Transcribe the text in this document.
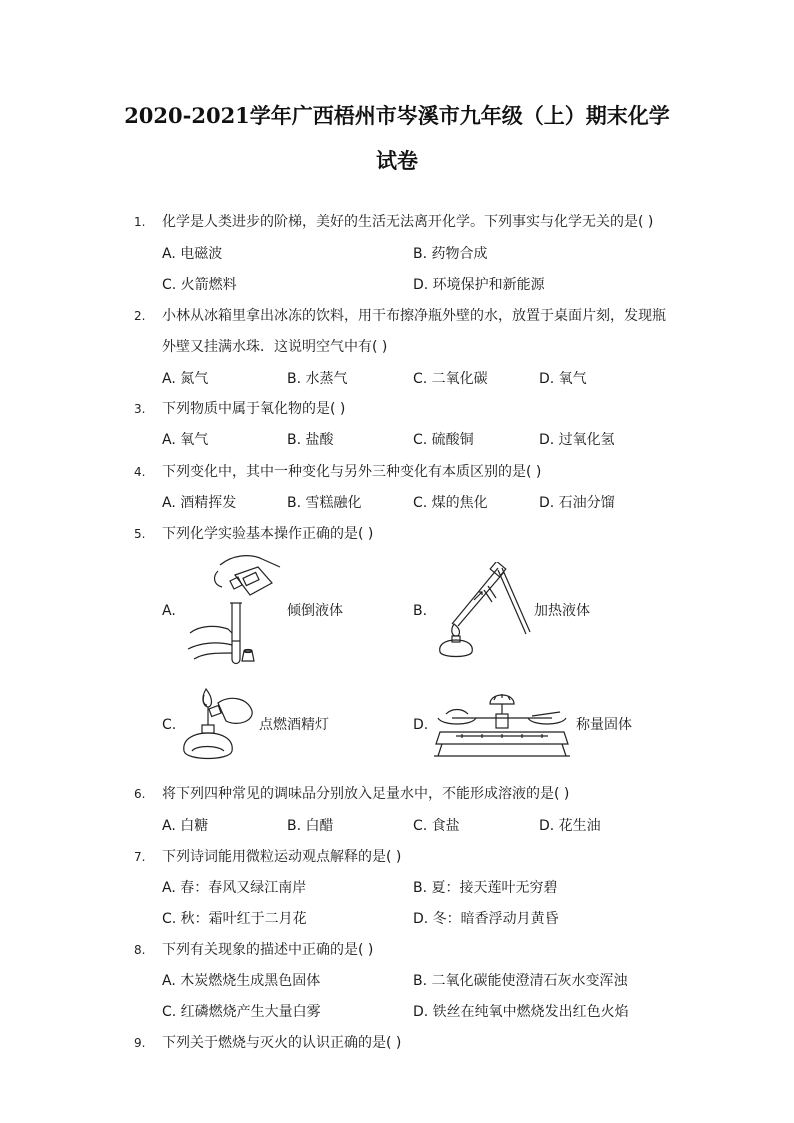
2020-2021学年广西梧州市岑溪市九年级（上）期末化学
试卷
1. 化学是人类进步的阶梯，美好的生活无法离开化学。下列事实与化学无关的是( )
A. 电磁波	B. 药物合成
C. 火箭燃料	D. 环境保护和新能源
2. 小林从冰箱里拿出冰冻的饮料，用干布擦净瓶外壁的水，放置于桌面片刻，发现瓶
外壁又挂满水珠．这说明空气中有( )
A. 氮气	B. 水蒸气	C. 二氧化碳	D. 氧气
3. 下列物质中属于氧化物的是( )
A. 氧气	B. 盐酸	C. 硫酸铜	D. 过氧化氢
4. 下列变化中，其中一种变化与另外三种变化有本质区别的是( )
A. 酒精挥发	B. 雪糕融化	C. 煤的焦化	D. 石油分馏
5. 下列化学实验基本操作正确的是( )
A.	倾倒液体	B.	加热液体
C.	点燃酒精灯	D.	称量固体
6. 将下列四种常见的调味品分别放入足量水中，不能形成溶液的是( )
A. 白糖	B. 白醋	C. 食盐	D. 花生油
7. 下列诗词能用微粒运动观点解释的是( )
A. 春：春风又绿江南岸	B. 夏：接天莲叶无穷碧
C. 秋：霜叶红于二月花	D. 冬：暗香浮动月黄昏
8. 下列有关现象的描述中正确的是( )
A. 木炭燃烧生成黑色固体	B. 二氧化碳能使澄清石灰水变浑浊
C. 红磷燃烧产生大量白雾	D. 铁丝在纯氧中燃烧发出红色火焰
9. 下列关于燃烧与灭火的认识正确的是( )
